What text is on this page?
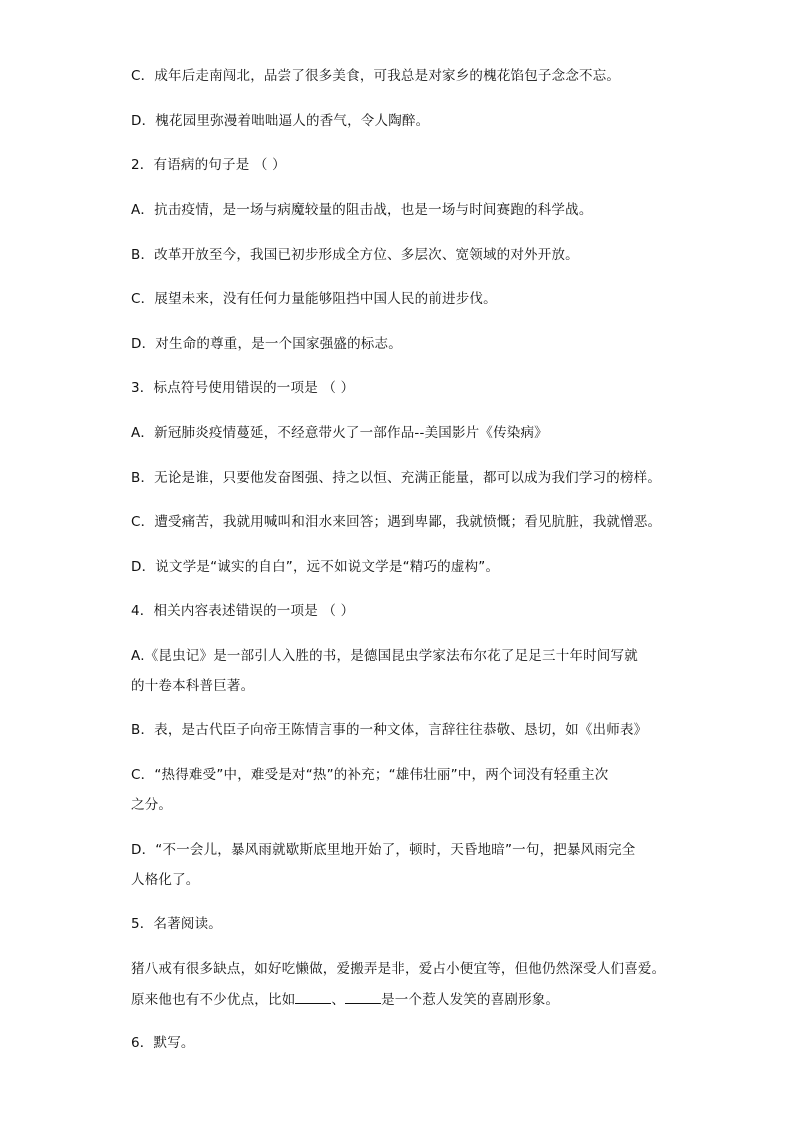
C．成年后走南闯北，品尝了很多美食，可我总是对家乡的槐花馅包子念念不忘。
D．槐花园里弥漫着咄咄逼人的香气，令人陶醉。
2．有语病的句子是 （ ）
A．抗击疫情，是一场与病魔较量的阻击战，也是一场与时间赛跑的科学战。
B．改革开放至今，我国已初步形成全方位、多层次、宽领域的对外开放。
C．展望未来，没有任何力量能够阻挡中国人民的前进步伐。
D．对生命的尊重，是一个国家强盛的标志。
3．标点符号使用错误的一项是 （ ）
A．新冠肺炎疫情蔓延，不经意带火了一部作品--美国影片《传染病》
B．无论是谁，只要他发奋图强、持之以恒、充满正能量，都可以成为我们学习的榜样。
C．遭受痛苦，我就用喊叫和泪水来回答；遇到卑鄙，我就愤慨；看见肮脏，我就憎恶。
D．说文学是“诚实的自白”，远不如说文学是“精巧的虚构”。
4．相关内容表述错误的一项是 （ ）
A.《昆虫记》是一部引人入胜的书，是德国昆虫学家法布尔花了足足三十年时间写就
的十卷本科普巨著。
B．表，是古代臣子向帝王陈情言事的一种文体，言辞往往恭敬、恳切，如《出师表》
C．“热得难受”中，难受是对“热”的补充；“雄伟壮丽”中，两个词没有轻重主次
之分。
D．“不一会儿，暴风雨就歇斯底里地开始了，顿时，天昏地暗”一句，把暴风雨完全
人格化了。
5．名著阅读。
猪八戒有很多缺点，如好吃懒做，爱搬弄是非，爱占小便宜等，但他仍然深受人们喜爱。
原来他也有不少优点，比如	、	是一个惹人发笑的喜剧形象。
6．默写。
